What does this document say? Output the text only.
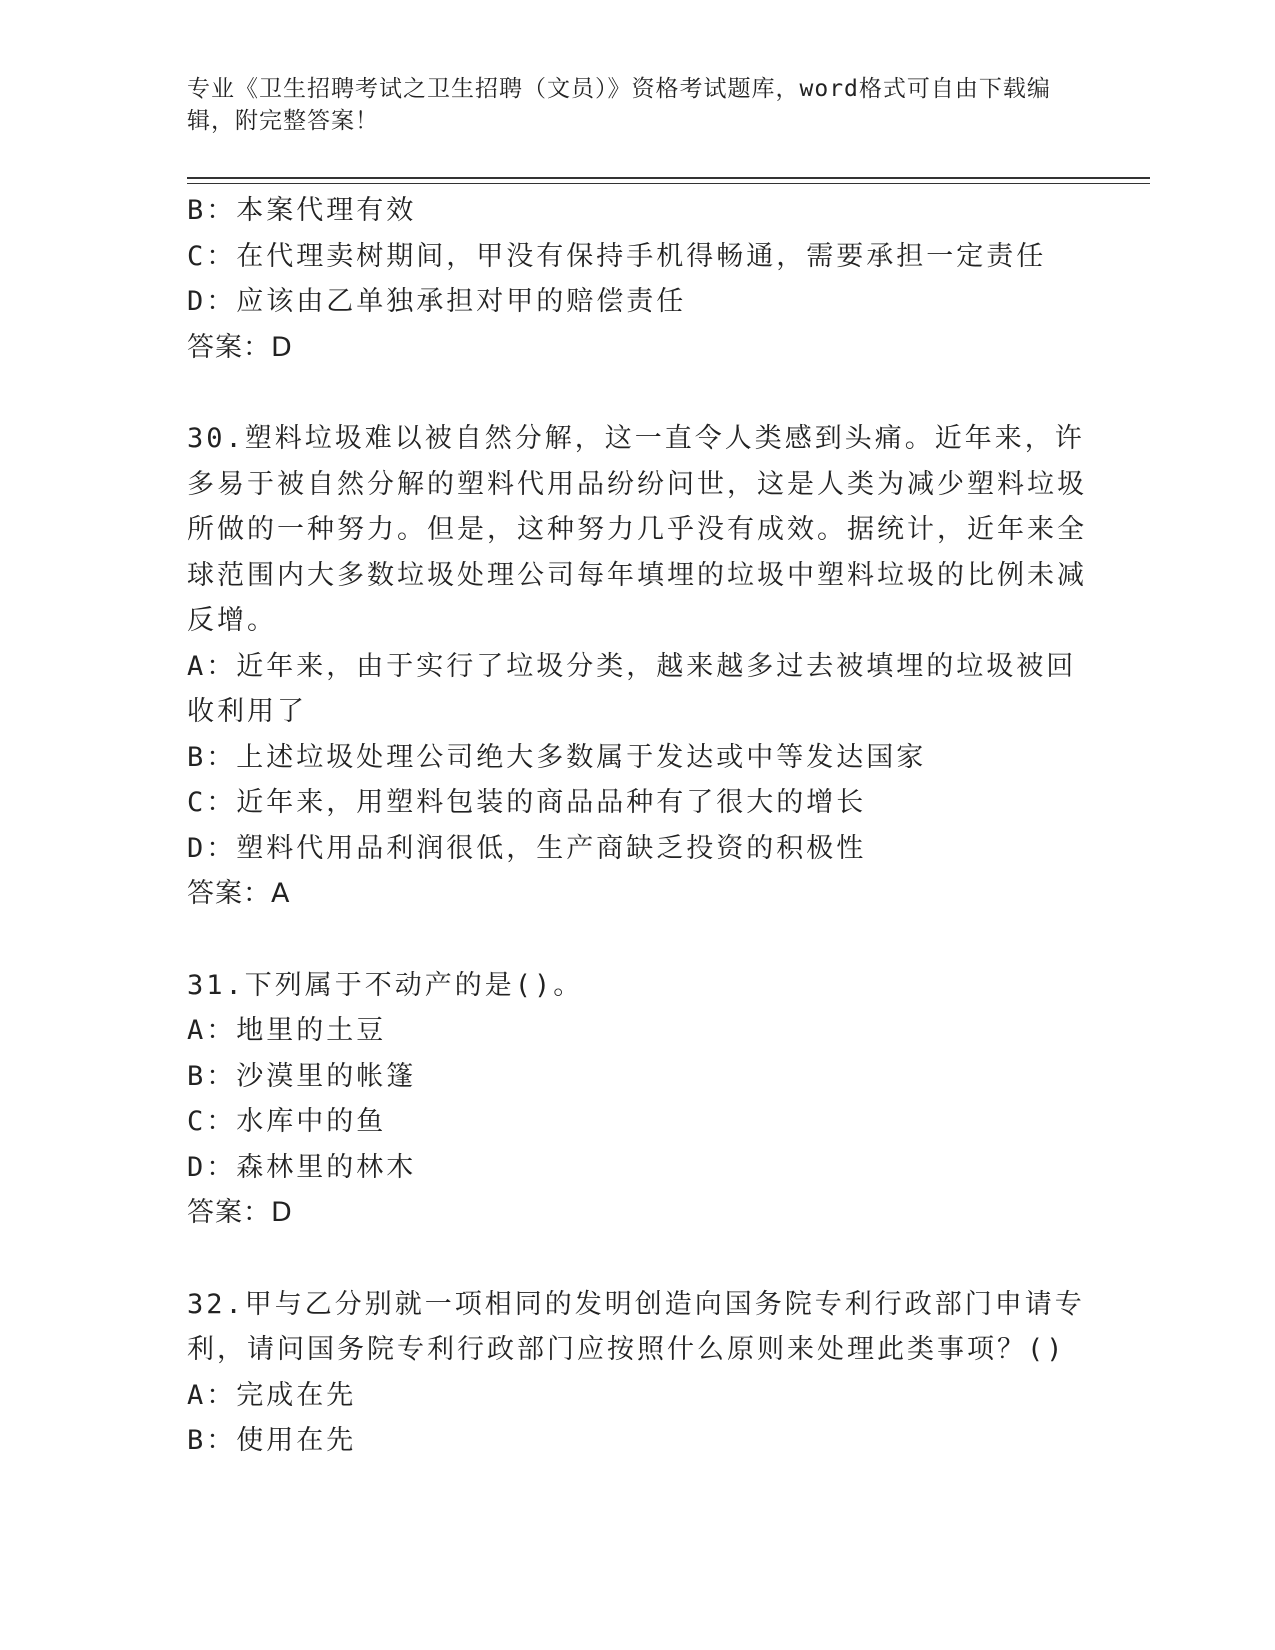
专业《卫生招聘考试之卫生招聘（文员）》资格考试题库，word格式可自由下载编辑，附完整答案！
B：本案代理有效
C：在代理卖树期间，甲没有保持手机得畅通，需要承担一定责任
D：应该由乙单独承担对甲的赔偿责任
答案：D
30.塑料垃圾难以被自然分解，这一直令人类感到头痛。近年来，许多易于被自然分解的塑料代用品纷纷问世，这是人类为减少塑料垃圾所做的一种努力。但是，这种努力几乎没有成效。据统计，近年来全球范围内大多数垃圾处理公司每年填埋的垃圾中塑料垃圾的比例未减反增。
A：近年来，由于实行了垃圾分类，越来越多过去被填埋的垃圾被回收利用了
B：上述垃圾处理公司绝大多数属于发达或中等发达国家
C：近年来，用塑料包装的商品品种有了很大的增长
D：塑料代用品利润很低，生产商缺乏投资的积极性
答案：A
31.下列属于不动产的是()。
A：地里的土豆
B：沙漠里的帐篷
C：水库中的鱼
D：森林里的林木
答案：D
32.甲与乙分别就一项相同的发明创造向国务院专利行政部门申请专利，请问国务院专利行政部门应按照什么原则来处理此类事项？()
A：完成在先
B：使用在先
